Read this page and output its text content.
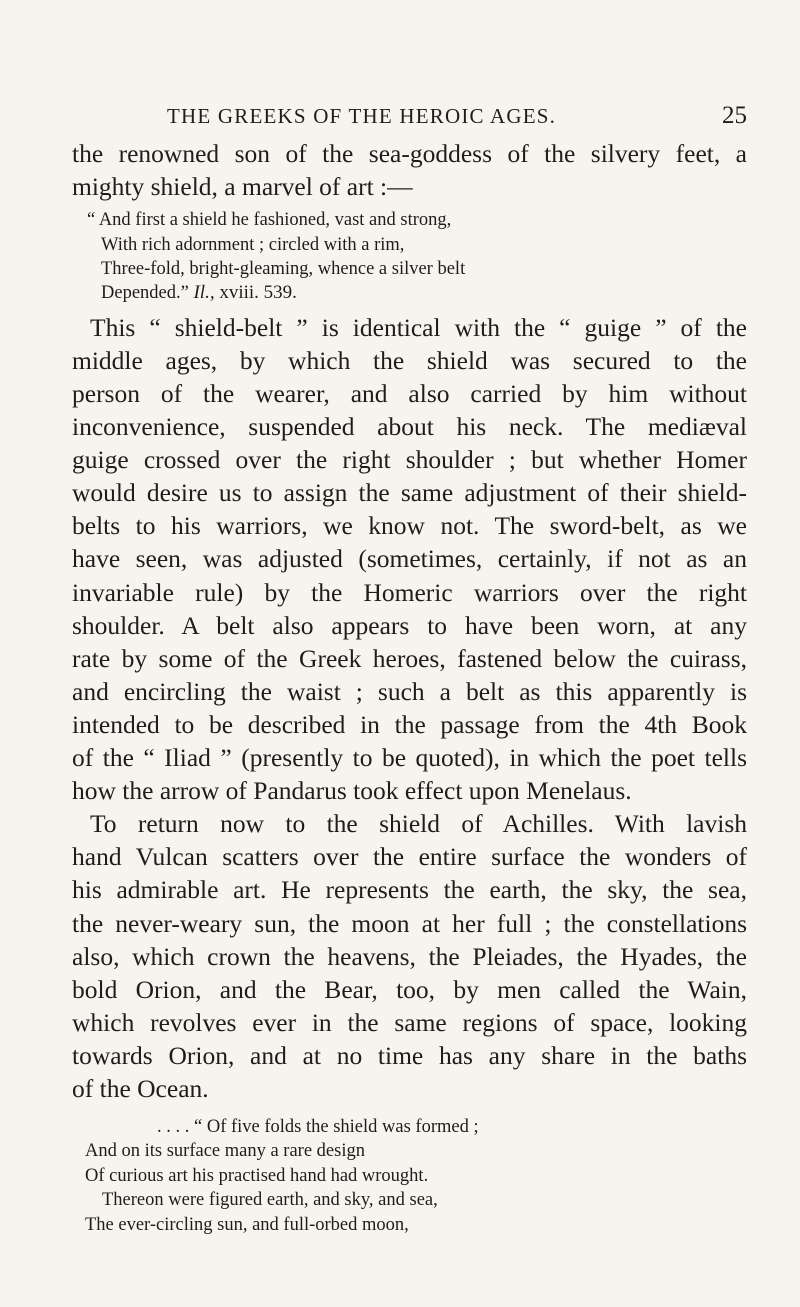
THE GREEKS OF THE HEROIC AGES.	25

the renowned son of the sea-goddess of the silvery feet, a
mighty shield, a marvel of art :—

“ And first a shield he fashioned, vast and strong,
With rich adornment ; circled with a rim,
Three-fold, bright-gleaming, whence a silver belt
Depended.” Il., xviii. 539.

This “ shield-belt ” is identical with the “ guige ” of the
middle ages, by which the shield was secured to the
person of the wearer, and also carried by him without
inconvenience, suspended about his neck. The mediæval
guige crossed over the right shoulder ; but whether Homer
would desire us to assign the same adjustment of their shield-
belts to his warriors, we know not. The sword-belt, as we
have seen, was adjusted (sometimes, certainly, if not as an
invariable rule) by the Homeric warriors over the right
shoulder. A belt also appears to have been worn, at any
rate by some of the Greek heroes, fastened below the cuirass,
and encircling the waist ; such a belt as this apparently is
intended to be described in the passage from the 4th Book
of the “ Iliad ” (presently to be quoted), in which the poet tells
how the arrow of Pandarus took effect upon Menelaus.

To return now to the shield of Achilles. With lavish
hand Vulcan scatters over the entire surface the wonders of
his admirable art. He represents the earth, the sky, the sea,
the never-weary sun, the moon at her full ; the constellations
also, which crown the heavens, the Pleiades, the Hyades, the
bold Orion, and the Bear, too, by men called the Wain,
which revolves ever in the same regions of space, looking
towards Orion, and at no time has any share in the baths
of the Ocean.

. . . . “ Of five folds the shield was formed ;
And on its surface many a rare design
Of curious art his practised hand had wrought.
Thereon were figured earth, and sky, and sea,
The ever-circling sun, and full-orbed moon,
